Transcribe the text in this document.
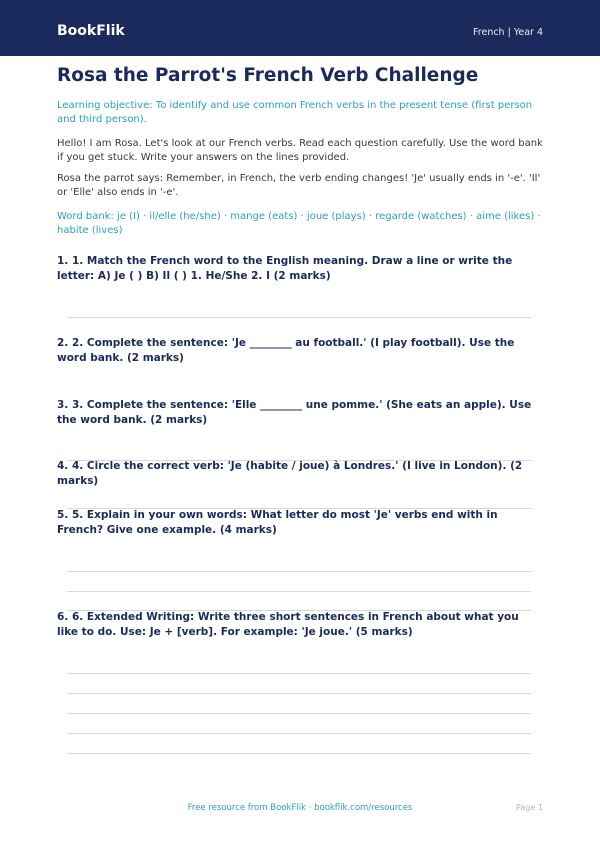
BookFlik	French | Year 4
Rosa the Parrot's French Verb Challenge

Learning objective: To identify and use common French verbs in the present tense (first person and third person).

Hello! I am Rosa. Let's look at our French verbs. Read each question carefully. Use the word bank if you get stuck. Write your answers on the lines provided.

Rosa the parrot says: Remember, in French, the verb ending changes! 'Je' usually ends in '-e'. 'Il' or 'Elle' also ends in '-e'.

Word bank: je (I) · il/elle (he/she) · mange (eats) · joue (plays) · regarde (watches) · aime (likes) · habite (lives)

1. 1. Match the French word to the English meaning. Draw a line or write the letter: A) Je ( ) B) Il ( ) 1. He/She 2. I (2 marks)

2. 2. Complete the sentence: 'Je ________ au football.' (I play football). Use the word bank. (2 marks)

3. 3. Complete the sentence: 'Elle ________ une pomme.' (She eats an apple). Use the word bank. (2 marks)

4. 4. Circle the correct verb: 'Je (habite / joue) à Londres.' (I live in London). (2 marks)

5. 5. Explain in your own words: What letter do most 'Je' verbs end with in French? Give one example. (4 marks)

6. 6. Extended Writing: Write three short sentences in French about what you like to do. Use: Je + [verb]. For example: 'Je joue.' (5 marks)

Free resource from BookFlik · bookflik.com/resources	Page 1
